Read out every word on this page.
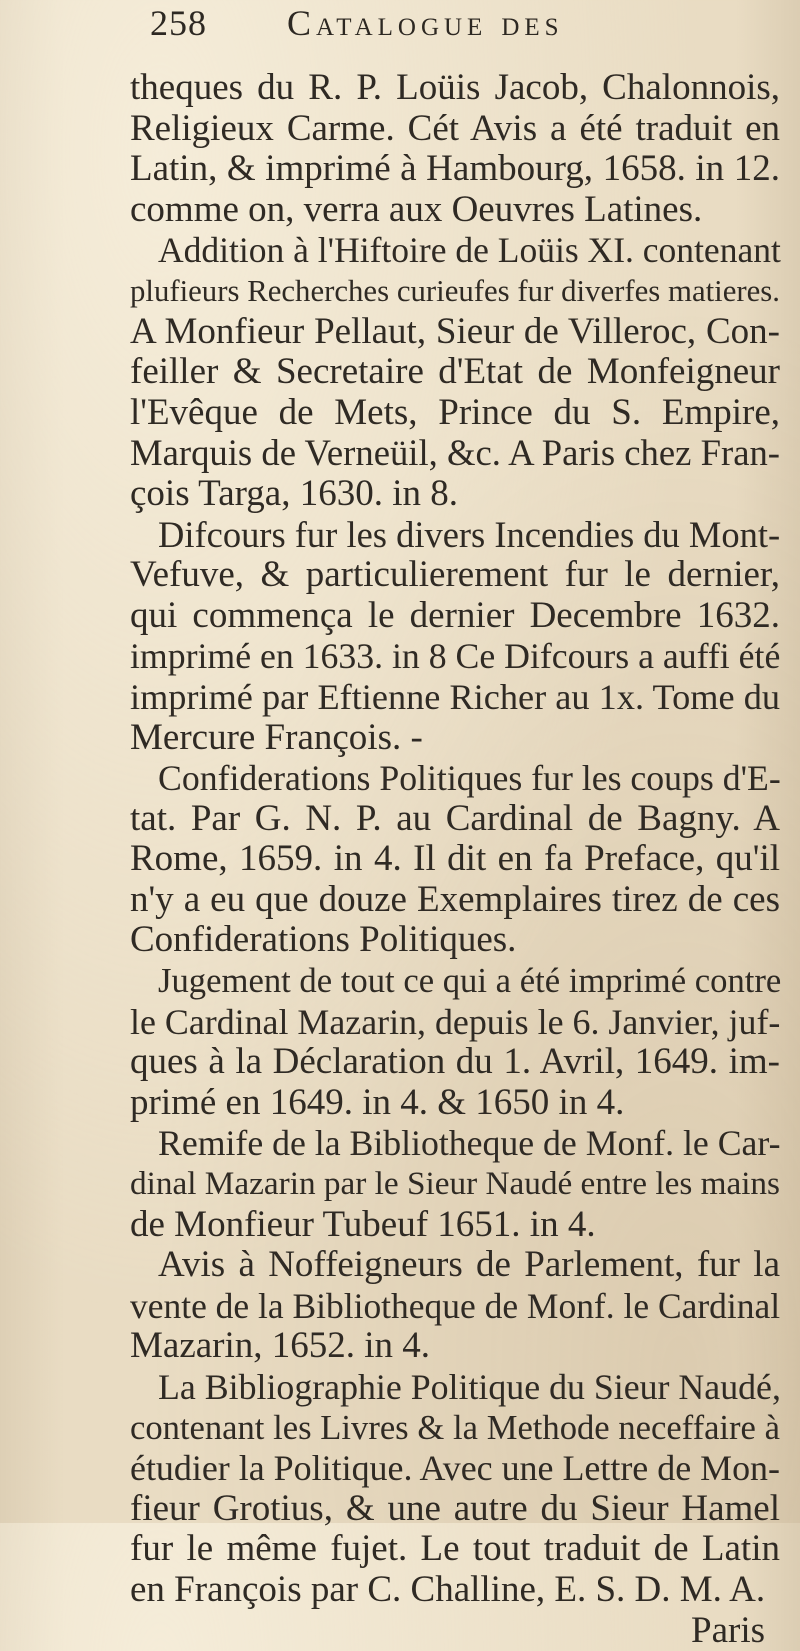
258 Catalogue des
theques du R. P. Loüis Jacob, Chalonnois,
Religieux Carme. Cét Avis a été traduit en
Latin, & imprimé à Hambourg, 1658. in 12.
comme on, verra aux Oeuvres Latines.
Addition à l'Hiftoire de Loüis XI. contenant
plufieurs Recherches curieufes fur diverfes matieres.
A Monfieur Pellaut, Sieur de Villeroc, Con-
feiller & Secretaire d'Etat de Monfeigneur
l'Evêque de Mets, Prince du S. Empire,
Marquis de Verneüil, &c. A Paris chez Fran-
çois Targa, 1630. in 8.
Difcours fur les divers Incendies du Mont-
Vefuve, & particulierement fur le dernier,
qui commença le dernier Decembre 1632.
imprimé en 1633. in 8 Ce Difcours a auffi été
imprimé par Eftienne Richer au 1x. Tome du
Mercure François. -
Confiderations Politiques fur les coups d'E-
tat. Par G. N. P. au Cardinal de Bagny. A
Rome, 1659. in 4. Il dit en fa Preface, qu'il
n'y a eu que douze Exemplaires tirez de ces
Confiderations Politiques.
Jugement de tout ce qui a été imprimé contre
le Cardinal Mazarin, depuis le 6. Janvier, juf-
ques à la Déclaration du 1. Avril, 1649. im-
primé en 1649. in 4. & 1650 in 4.
Remife de la Bibliotheque de Monf. le Car-
dinal Mazarin par le Sieur Naudé entre les mains
de Monfieur Tubeuf 1651. in 4.
Avis à Noffeigneurs de Parlement, fur la
vente de la Bibliotheque de Monf. le Cardinal
Mazarin, 1652. in 4.
La Bibliographie Politique du Sieur Naudé,
contenant les Livres & la Methode neceffaire à
étudier la Politique. Avec une Lettre de Mon-
fieur Grotius, & une autre du Sieur Hamel
fur le même fujet. Le tout traduit de Latin
en François par C. Challine, E. S. D. M. A.
Paris
